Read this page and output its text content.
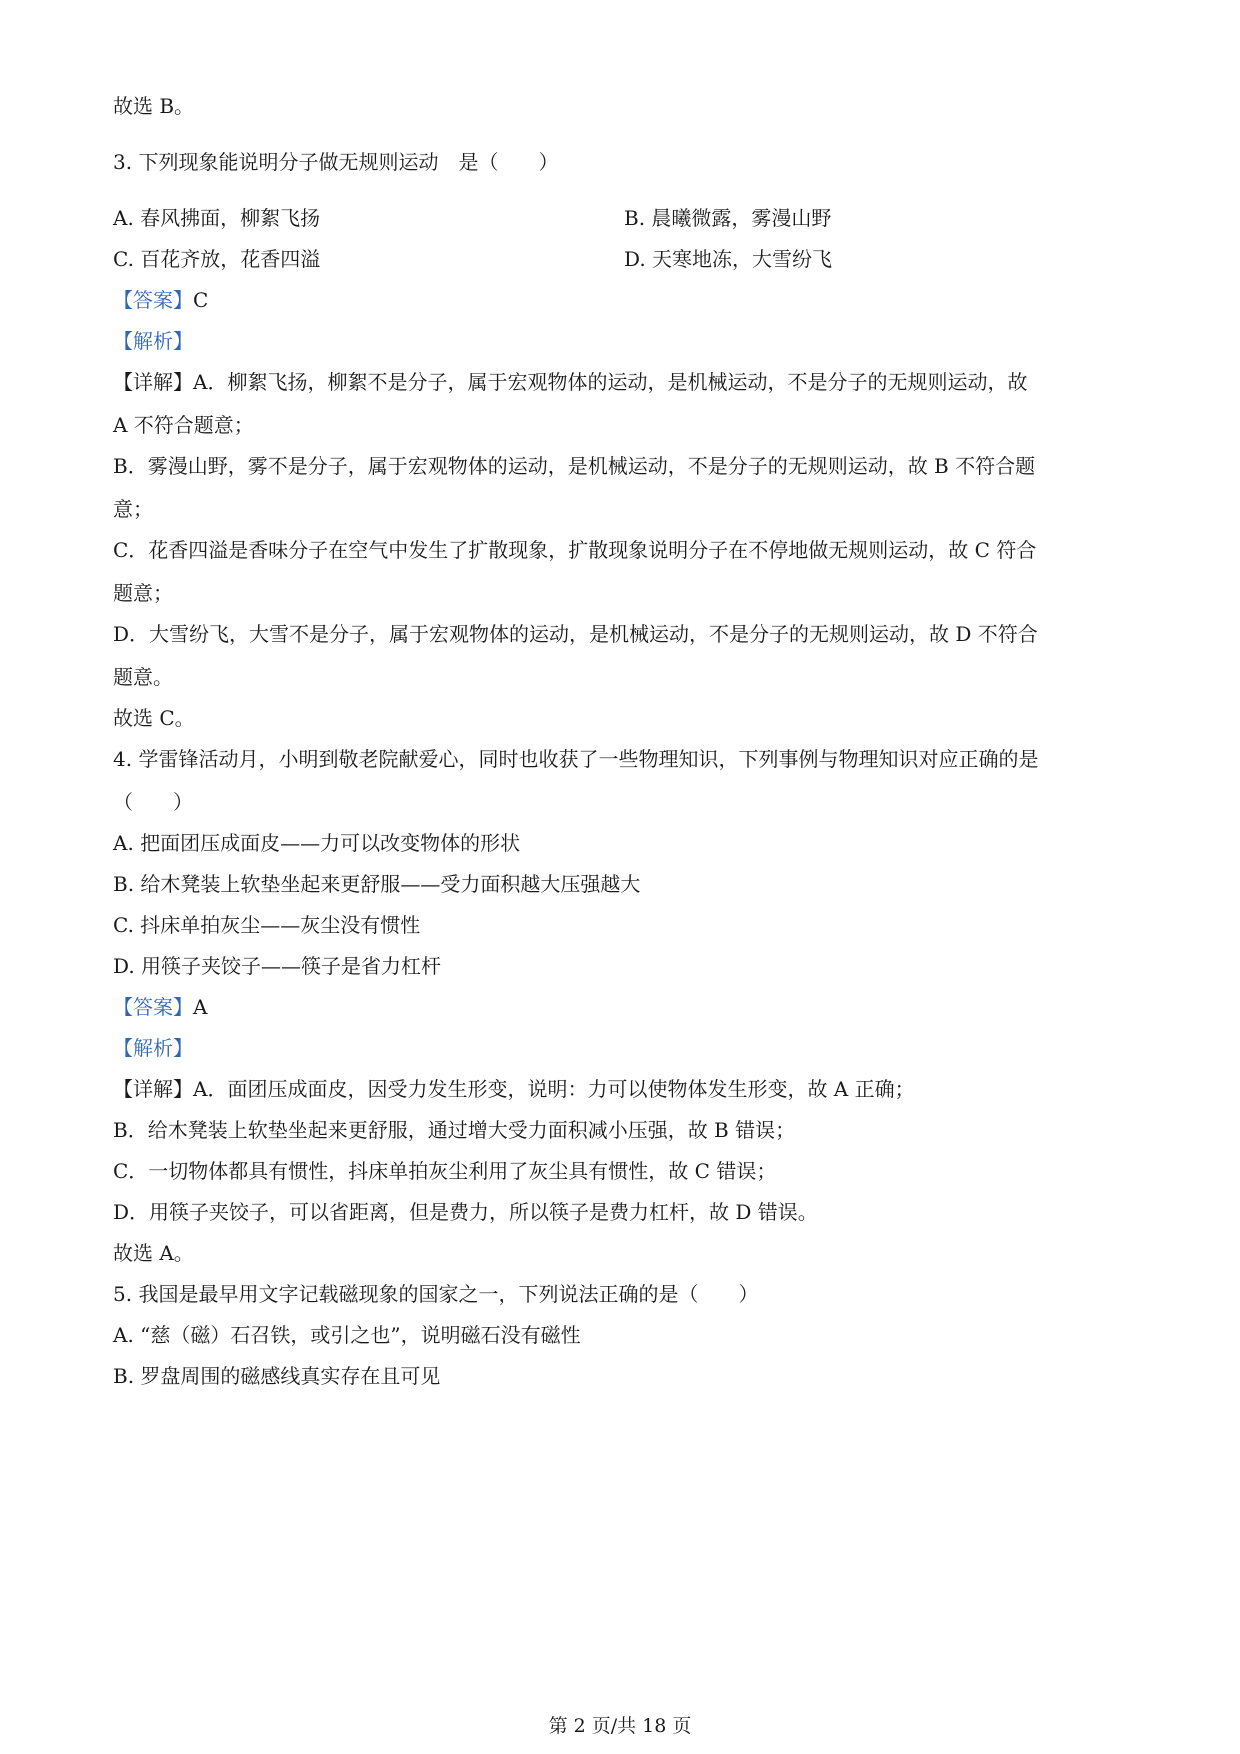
故选 B。
3. 下列现象能说明分子做无规则运动　是（　　）
A. 春风拂面，柳絮飞扬	B. 晨曦微露，雾漫山野
C. 百花齐放，花香四溢	D. 天寒地冻，大雪纷飞
【答案】C
【解析】
【详解】A．柳絮飞扬，柳絮不是分子，属于宏观物体的运动，是机械运动，不是分子的无规则运动，故
A 不符合题意；
B．雾漫山野，雾不是分子，属于宏观物体的运动，是机械运动，不是分子的无规则运动，故 B 不符合题
意；
C．花香四溢是香味分子在空气中发生了扩散现象，扩散现象说明分子在不停地做无规则运动，故 C 符合
题意；
D．大雪纷飞，大雪不是分子，属于宏观物体的运动，是机械运动，不是分子的无规则运动，故 D 不符合
题意。
故选 C。
4. 学雷锋活动月，小明到敬老院献爱心，同时也收获了一些物理知识，下列事例与物理知识对应正确的是
（　　）
A. 把面团压成面皮——力可以改变物体的形状
B. 给木凳装上软垫坐起来更舒服——受力面积越大压强越大
C. 抖床单拍灰尘——灰尘没有惯性
D. 用筷子夹饺子——筷子是省力杠杆
【答案】A
【解析】
【详解】A．面团压成面皮，因受力发生形变，说明：力可以使物体发生形变，故 A 正确；
B．给木凳装上软垫坐起来更舒服，通过增大受力面积减小压强，故 B 错误；
C．一切物体都具有惯性，抖床单拍灰尘利用了灰尘具有惯性，故 C 错误；
D．用筷子夹饺子，可以省距离，但是费力，所以筷子是费力杠杆，故 D 错误。
故选 A。
5. 我国是最早用文字记载磁现象的国家之一，下列说法正确的是（　　）
A. “慈（磁）石召铁，或引之也”，说明磁石没有磁性
B. 罗盘周围的磁感线真实存在且可见
第 2 页/共 18 页
